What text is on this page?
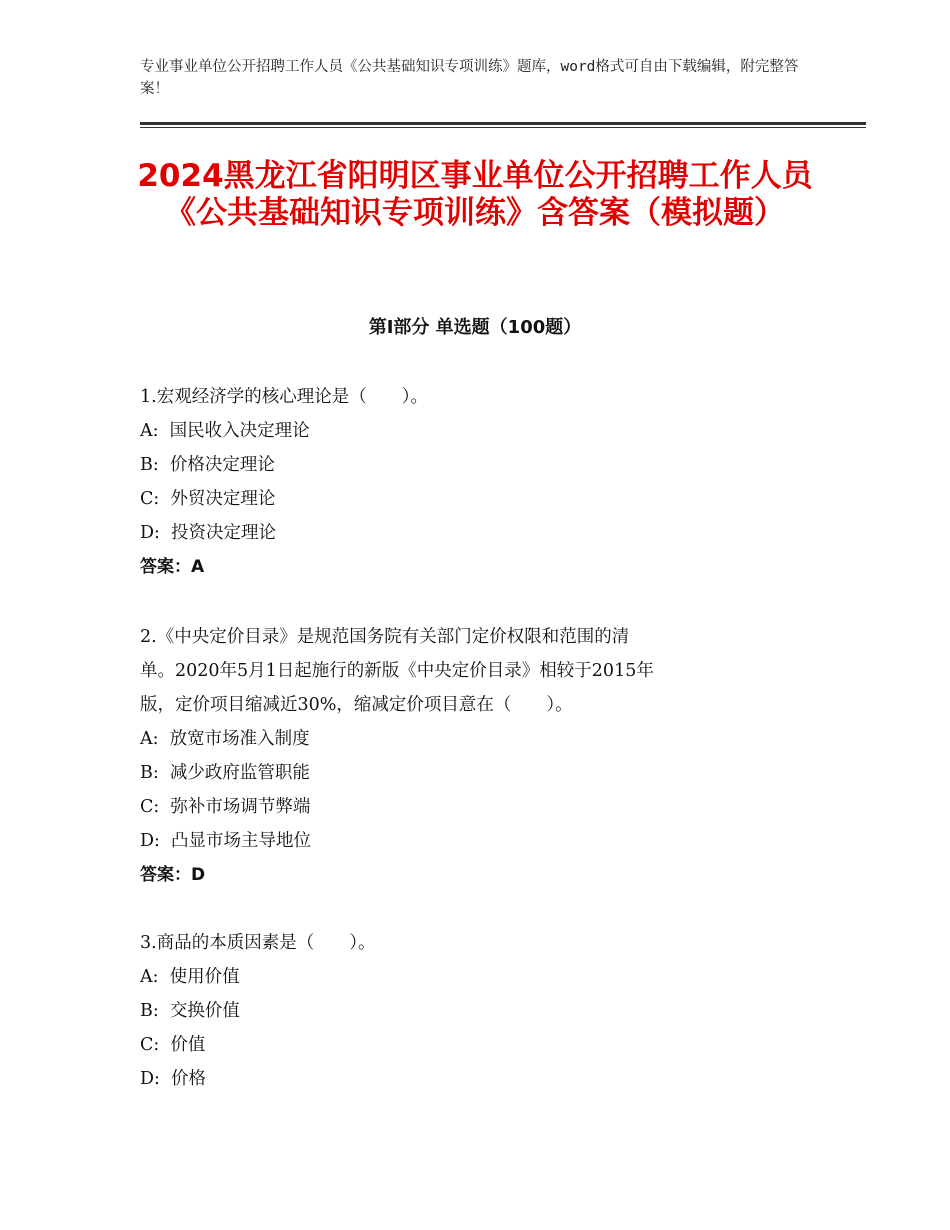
专业事业单位公开招聘工作人员《公共基础知识专项训练》题库，word格式可自由下载编辑，附完整答案！
2024黑龙江省阳明区事业单位公开招聘工作人员《公共基础知识专项训练》含答案（模拟题）
第Ⅰ部分 单选题（100题）
1.宏观经济学的核心理论是（　　）。
A:  国民收入决定理论
B:  价格决定理论
C:  外贸决定理论
D:  投资决定理论
答案：A
2.《中央定价目录》是规范国务院有关部门定价权限和范围的清
单。2020年5月1日起施行的新版《中央定价目录》相较于2015年
版，定价项目缩减近30%，缩减定价项目意在（　　）。
A:  放宽市场准入制度
B:  减少政府监管职能
C:  弥补市场调节弊端
D:  凸显市场主导地位
答案：D
3.商品的本质因素是（　　）。
A:  使用价值
B:  交换价值
C:  价值
D:  价格
